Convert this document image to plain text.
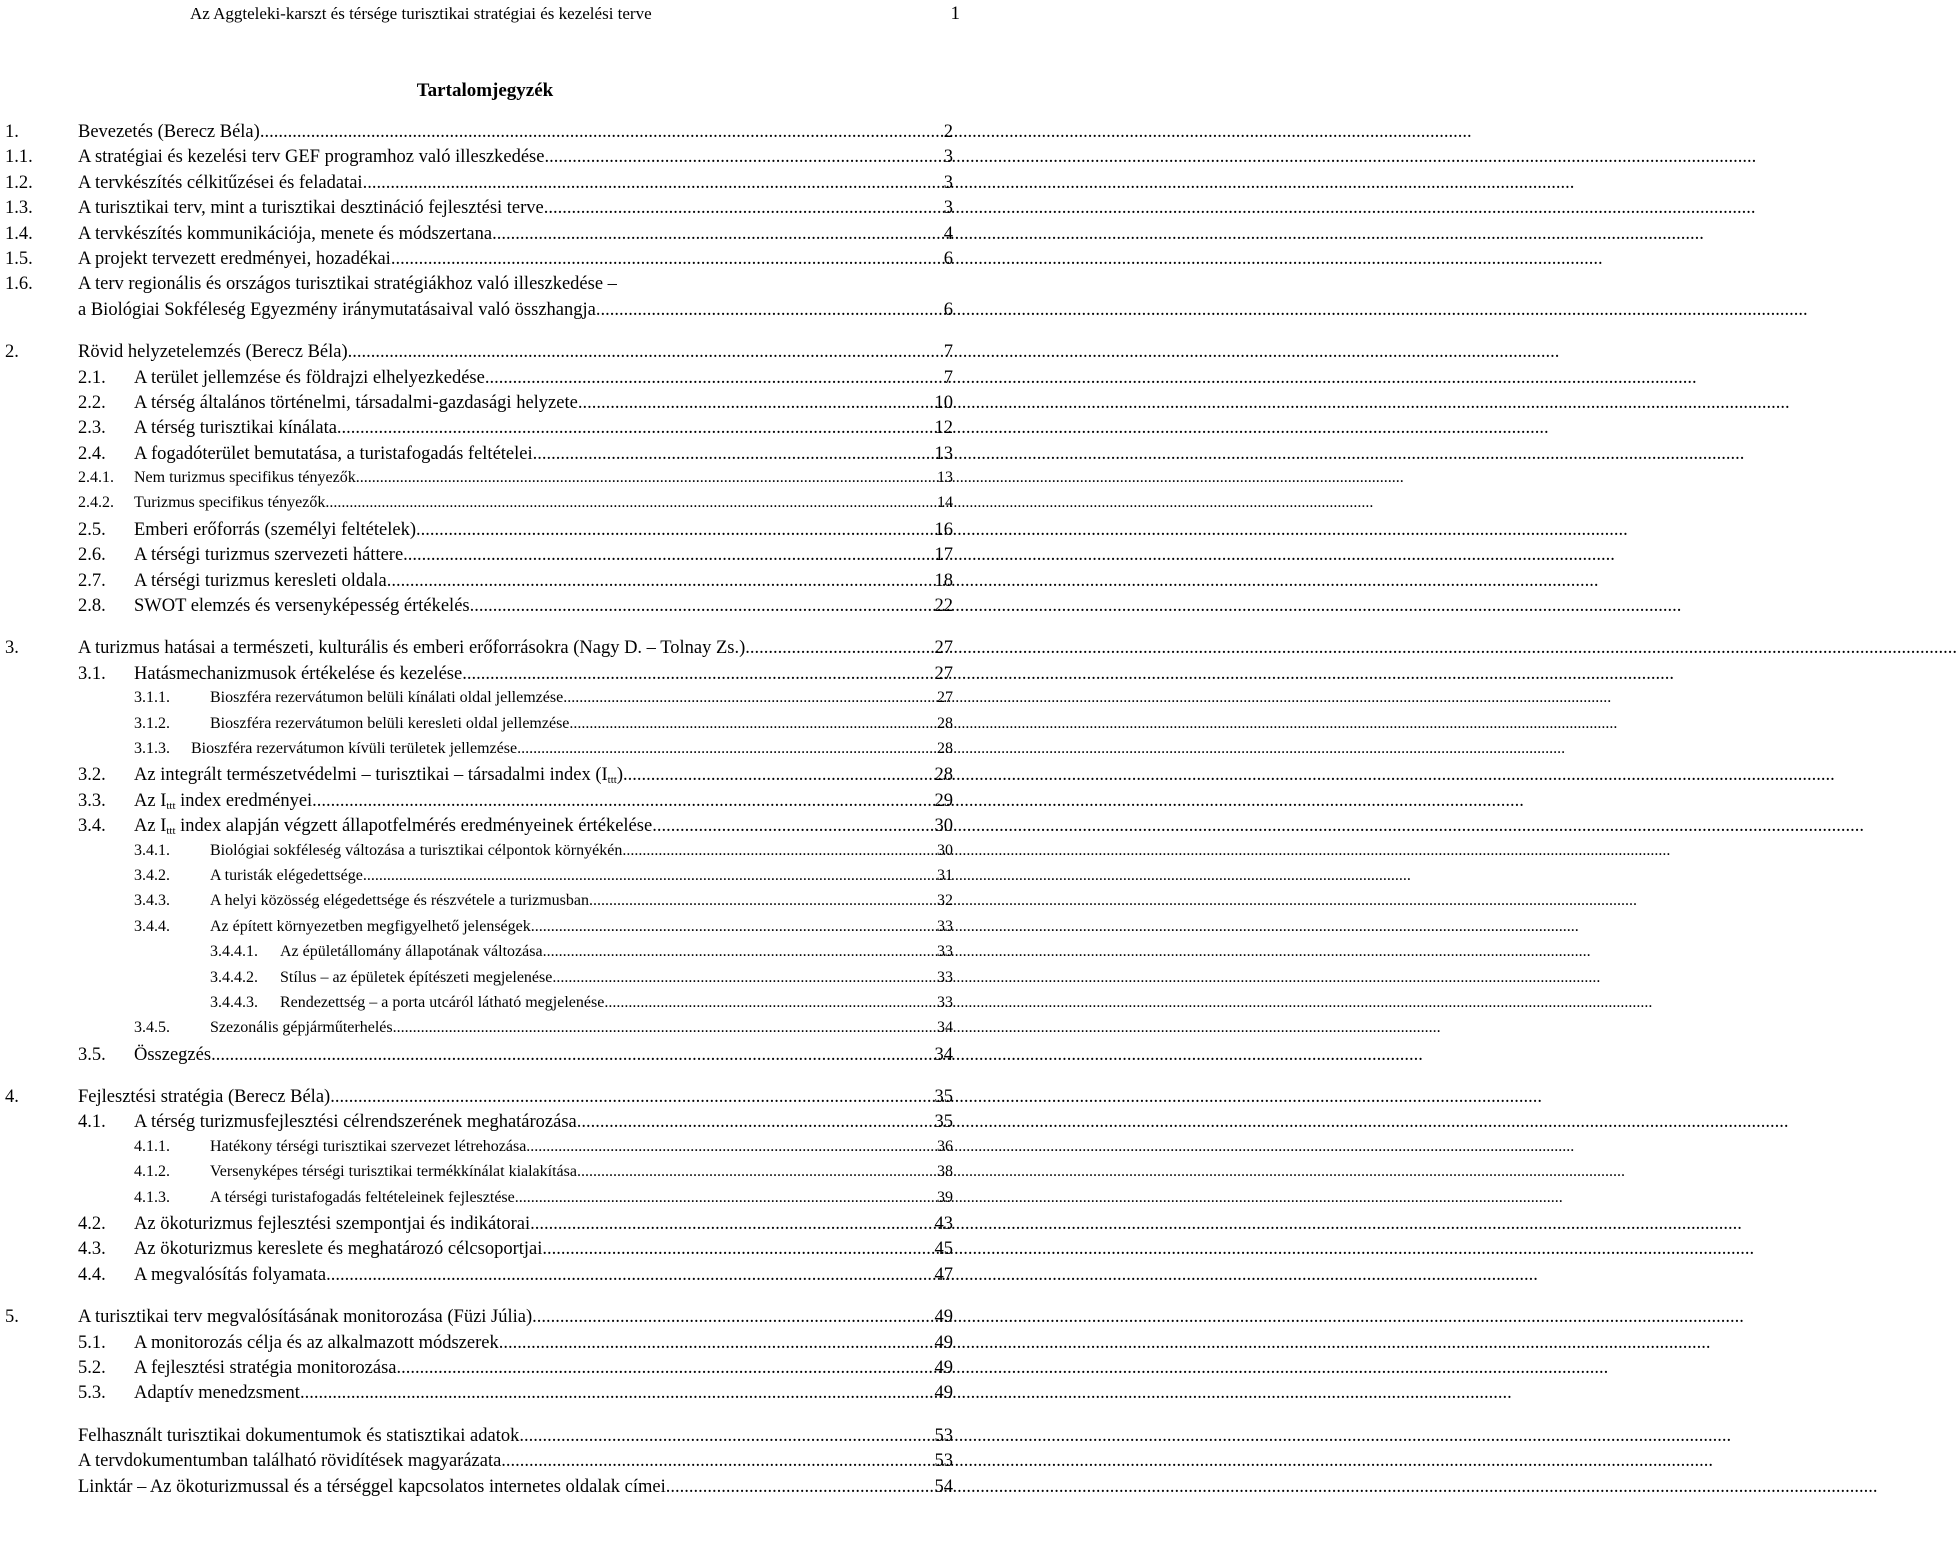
Az Aggteleki-karszt és térsége turisztikai stratégiai és kezelési terve	1
Tartalomjegyzék
1.	Bevezetés (Berecz Béla) .....	2
1.1. A stratégiai és kezelési terv GEF programhoz való illeszkedése .....	3
1.2. A tervkészítés célkitűzései és feladatai .....	3
1.3. A turisztikai terv, mint a turisztikai desztináció fejlesztési terve .....	3
1.4. A tervkészítés kommunikációja, menete és módszertana .....	4
1.5. A projekt tervezett eredményei, hozadékai .....	6
1.6. A terv regionális és országos turisztikai stratégiákhoz való illeszkedése –
a Biológiai Sokféleség Egyezmény iránymutatásaival való összhangja .....	6
2.	Rövid helyzetelemzés (Berecz Béla) .....	7
2.1. A terület jellemzése és földrajzi elhelyezkedése .....	7
2.2. A térség általános történelmi, társadalmi-gazdasági helyzete .....	10
2.3. A térség turisztikai kínálata .....	12
2.4. A fogadóterület bemutatása, a turistafogadás feltételei .....	13
2.4.1. Nem turizmus specifikus tényezők .....	13
2.4.2. Turizmus specifikus tényezők .....	14
2.5. Emberi erőforrás (személyi feltételek) .....	16
2.6. A térségi turizmus szervezeti háttere .....	17
2.7. A térségi turizmus keresleti oldala .....	18
2.8. SWOT elemzés és versenyképesség értékelés .....	22
3.	A turizmus hatásai a természeti, kulturális és emberi erőforrásokra (Nagy D. – Tolnay Zs.) .....	27
3.1. Hatásmechanizmusok értékelése és kezelése .....	27
3.1.1.	Bioszféra rezervátumon belüli kínálati oldal jellemzése .....	27
3.1.2.	Bioszféra rezervátumon belüli keresleti oldal jellemzése .....	28
3.1.3. Bioszféra rezervátumon kívüli területek jellemzése .....	28
3.2. Az integrált természetvédelmi – turisztikai – társadalmi index $(I_{ttt})$ .....	28
3.3. Az $I_{ttt}$ index eredményei .....	29
3.4. Az $I_{ttt}$ index alapján végzett állapotfelmérés eredményeinek értékelése .....	30
3.4.1.	Biológiai sokféleség változása a turisztikai célpontok környékén .....	30
3.4.2.	A turisták elégedettsége .....	31
3.4.3.	A helyi közösség elégedettsége és részvétele a turizmusban .....	32
3.4.4.	Az épített környezetben megfigyelhető jelenségek .....	33
3.4.4.1. Az épületállomány állapotának változása .....	33
3.4.4.2. Stílus – az épületek építészeti megjelenése .....	33
3.4.4.3. Rendezettség – a porta utcáról látható megjelenése .....	33
3.4.5.	Szezonális gépjárműterhelés .....	34
3.5. Összegzés .....	34
4.	Fejlesztési stratégia (Berecz Béla) .....	35
4.1. A térség turizmusfejlesztési célrendszerének meghatározása .....	35
4.1.1.	Hatékony térségi turisztikai szervezet létrehozása .....	36
4.1.2.	Versenyképes térségi turisztikai termékkínálat kialakítása .....	38
4.1.3.	A térségi turistafogadás feltételeinek fejlesztése .....	39
4.2. Az ökoturizmus fejlesztési szempontjai és indikátorai .....	43
4.3. Az ökoturizmus kereslete és meghatározó célcsoportjai .....	45
4.4. A megvalósítás folyamata .....	47
5.	A turisztikai terv megvalósításának monitorozása (Füzi Júlia) .....	49
5.1. A monitorozás célja és az alkalmazott módszerek .....	49
5.2. A fejlesztési stratégia monitorozása .....	49
5.3. Adaptív menedzsment .....	49
Felhasznált turisztikai dokumentumok és statisztikai adatok .....	53
A tervdokumentumban található rövidítések magyarázata .....	53
Linktár – Az ökoturizmussal és a térséggel kapcsolatos internetes oldalak címei .....	54
